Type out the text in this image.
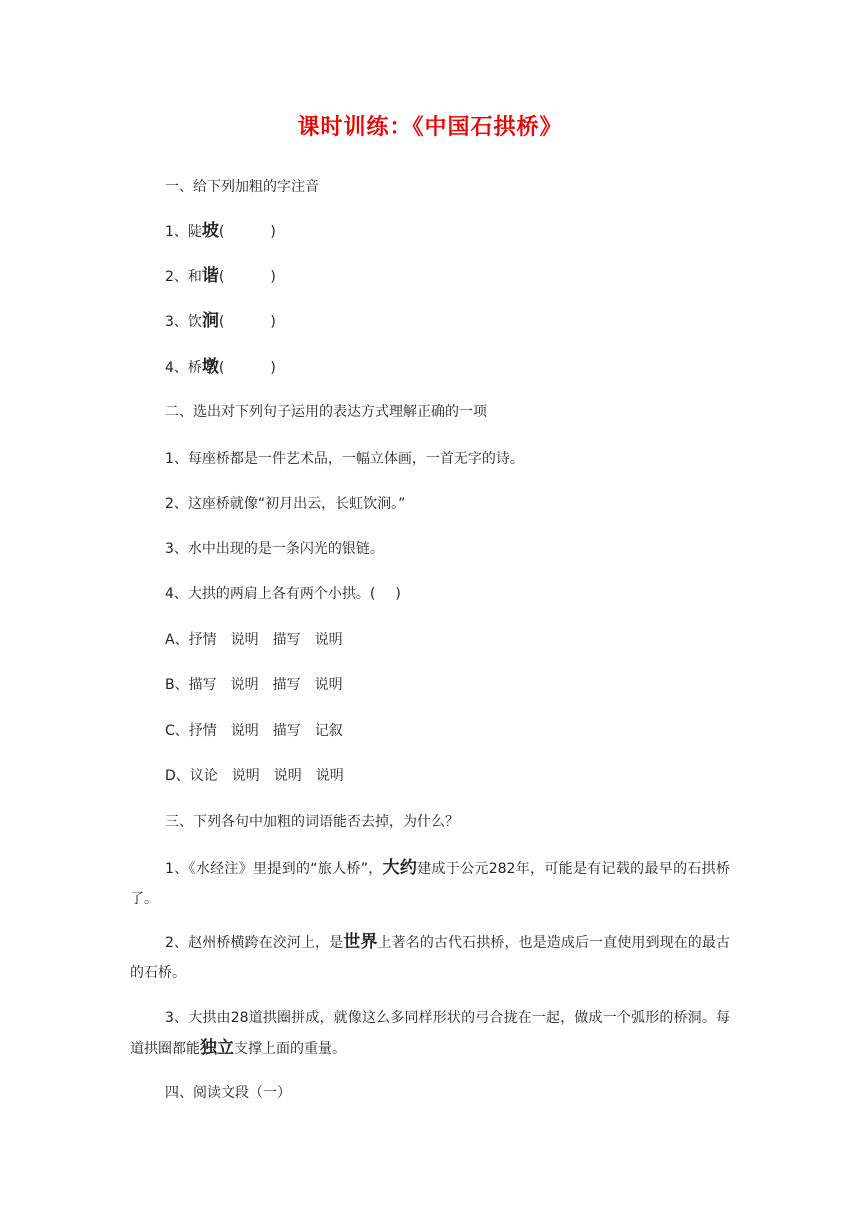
课时训练：《中国石拱桥》
一、给下列加粗的字注音
1、陡坡(	)
2、和谐(	)
3、饮涧(	)
4、桥墩(	)
二、选出对下列句子运用的表达方式理解正确的一项
1、每座桥都是一件艺术品，一幅立体画，一首无字的诗。
2、这座桥就像“初月出云，长虹饮涧。”
3、水中出现的是一条闪光的银链。
4、大拱的两肩上各有两个小拱。( )
A、抒情 说明 描写 说明
B、描写 说明 描写 说明
C、抒情 说明 描写 记叙
D、议论 说明 说明 说明
三、下列各句中加粗的词语能否去掉，为什么？
1、《水经注》里提到的“旅人桥”，大约建成于公元282年，可能是有记载的最早的石拱桥了。
2、赵州桥横跨在洨河上，是世界上著名的古代石拱桥，也是造成后一直使用到现在的最古的石桥。
3、大拱由28道拱圈拼成，就像这么多同样形状的弓合拢在一起，做成一个弧形的桥洞。每道拱圈都能独立支撑上面的重量。
四、阅读文段（一）
